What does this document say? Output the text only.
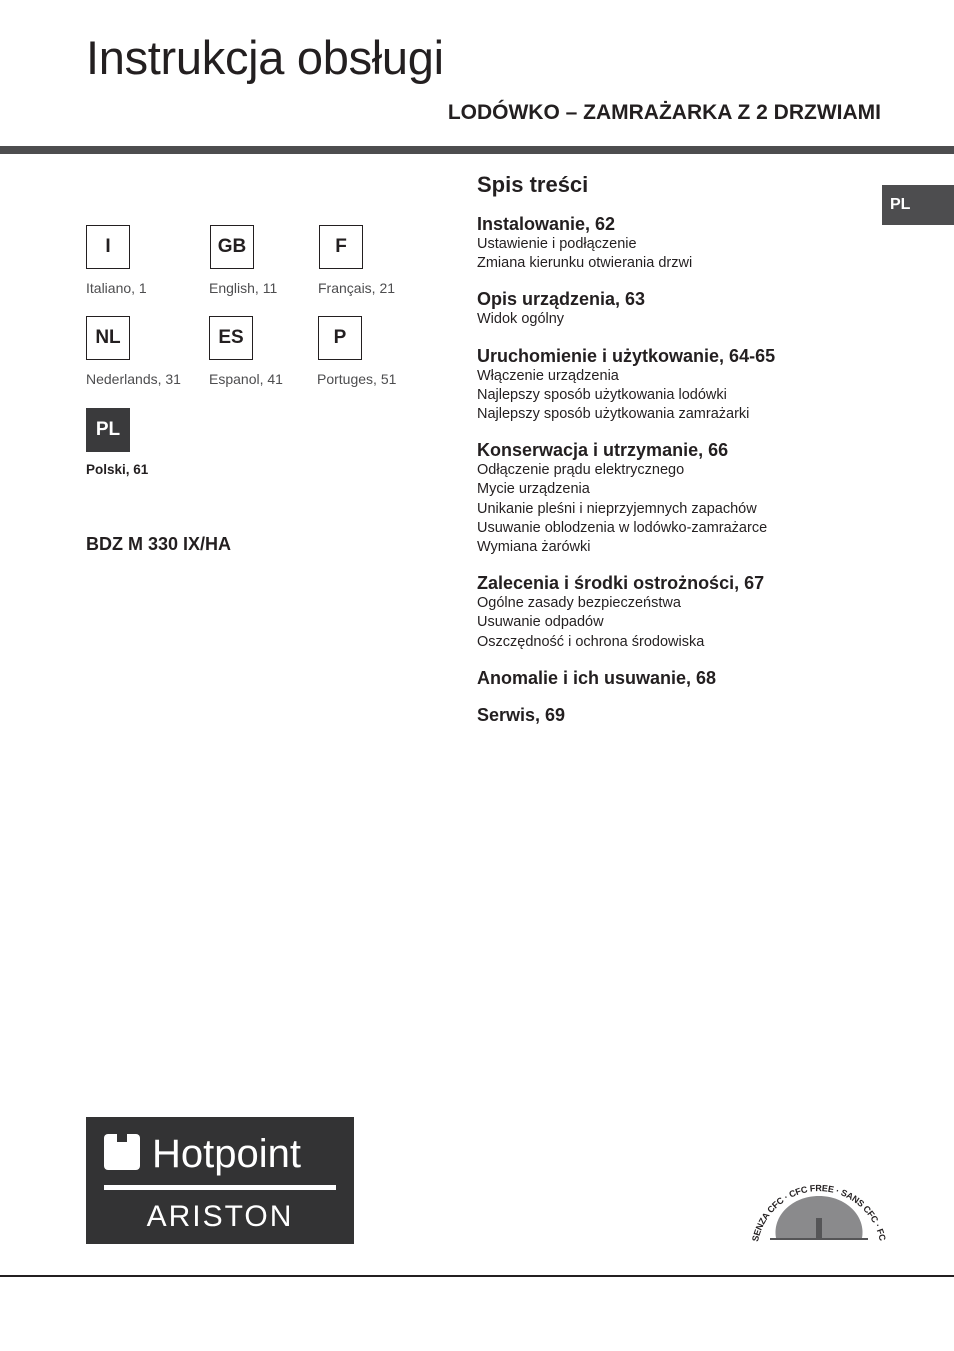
Instrukcja obsługi
LODÓWKO – ZAMRAŻARKA Z 2 DRZWIAMI
PL
I
Italiano, 1
GB
English, 11
F
Français, 21
NL
Nederlands, 31
ES
Espanol, 41
P
Portuges, 51
PL
Polski, 61
BDZ M 330 IX/HA
Spis treści
Instalowanie, 62
Ustawienie i podłączenie
Zmiana kierunku otwierania drzwi
Opis urządzenia, 63
Widok ogólny
Uruchomienie i użytkowanie, 64-65
Włączenie urządzenia
Najlepszy sposób użytkowania lodówki
Najlepszy sposób użytkowania zamrażarki
Konserwacja i utrzymanie, 66
Odłączenie prądu elektrycznego
Mycie urządzenia
Unikanie pleśni i nieprzyjemnych zapachów
Usuwanie oblodzenia w lodówko-zamrażarce
Wymiana żarówki
Zalecenia i środki ostrożności, 67
Ogólne zasady bezpieczeństwa
Usuwanie odpadów
Oszczędność i ochrona środowiska
Anomalie i ich usuwanie, 68
Serwis, 69
Hotpoint
ARISTON
SENZA CFC · CFC FREE · SANS CFC · FC
